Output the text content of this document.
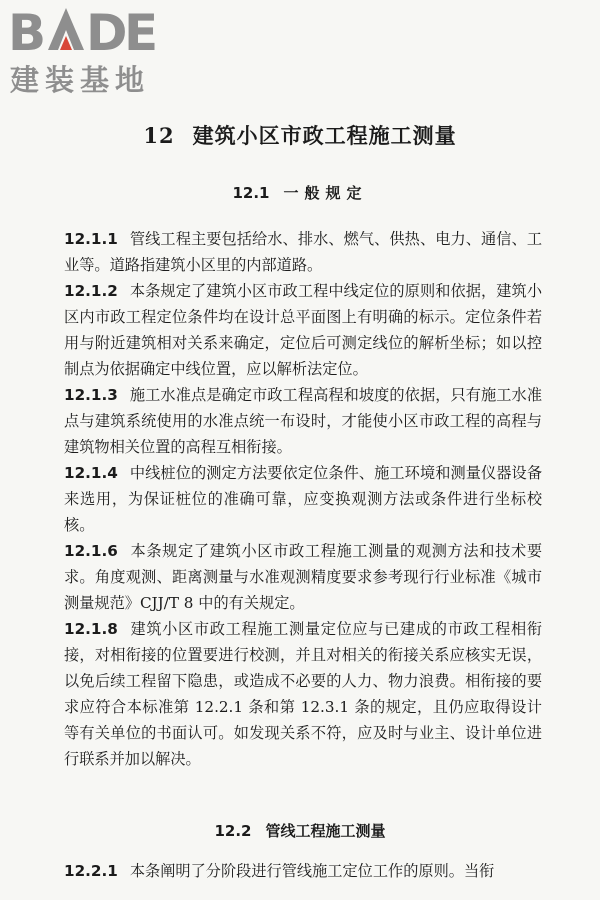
B D
E
建装基地
12 建筑小区市政工程施工测量
12.1 一般规定

12.1.1 管线工程主要包括给水、排水、燃气、供热、电力、通信、工业等。道路指建筑小区里的内部道路。

12.1.2 本条规定了建筑小区市政工程中线定位的原则和依据，建筑小区内市政工程定位条件均在设计总平面图上有明确的标示。定位条件若用与附近建筑相对关系来确定，定位后可测定线位的解析坐标；如以控制点为依据确定中线位置，应以解析法定位。

12.1.3 施工水准点是确定市政工程高程和坡度的依据，只有施工水准点与建筑系统使用的水准点统一布设时，才能使小区市政工程的高程与建筑物相关位置的高程互相衔接。

12.1.4 中线桩位的测定方法要依定位条件、施工环境和测量仪器设备来选用，为保证桩位的准确可靠，应变换观测方法或条件进行坐标校核。

12.1.6 本条规定了建筑小区市政工程施工测量的观测方法和技术要求。角度观测、距离测量与水准观测精度要求参考现行行业标准《城市测量规范》CJJ/T 8 中的有关规定。

12.1.8 建筑小区市政工程施工测量定位应与已建成的市政工程相衔接，对相衔接的位置要进行校测，并且对相关的衔接关系应核实无误，以免后续工程留下隐患，或造成不必要的人力、物力浪费。相衔接的要求应符合本标准第 12.2.1 条和第 12.3.1 条的规定，且仍应取得设计等有关单位的书面认可。如发现关系不符，应及时与业主、设计单位进行联系并加以解决。

12.2 管线工程施工测量

12.2.1 本条阐明了分阶段进行管线施工定位工作的原则。当衔
